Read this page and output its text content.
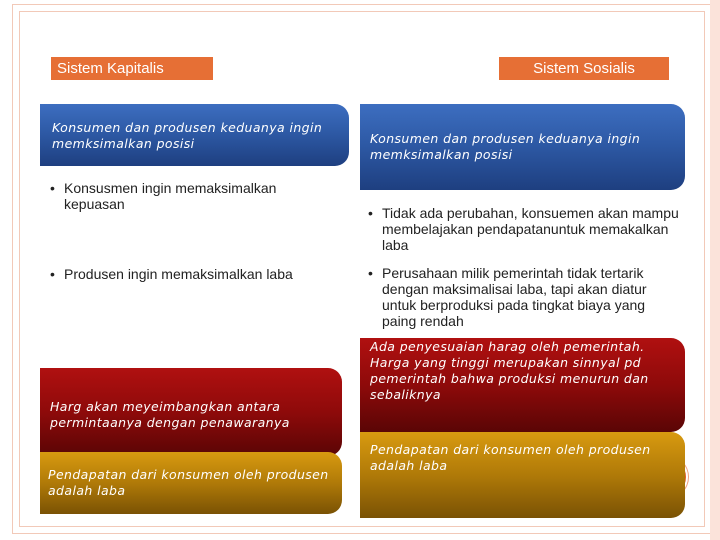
Sistem Kapitalis	Sistem Sosialis
Konsumen dan produsen keduanya ingin memksimalkan posisi
• Konsusmen ingin memaksimalkan kepuasan
• Produsen ingin memaksimalkan laba
Harg akan meyeimbangkan antara permintaanya dengan penawaranya
Pendapatan dari konsumen oleh produsen adalah laba
Konsumen dan produsen keduanya ingin memksimalkan posisi
• Tidak ada perubahan, konsuemen akan mampu membelajakan pendapatanuntuk memakalkan laba
• Perusahaan milik pemerintah tidak tertarik dengan maksimalisai laba, tapi akan diatur untuk berproduksi pada tingkat biaya yang paing rendah
Ada penyesuaian harag oleh pemerintah. Harga yang tinggi merupakan sinnyal pd pemerintah bahwa produksi menurun dan sebaliknya
Pendapatan dari konsumen oleh produsen adalah laba
